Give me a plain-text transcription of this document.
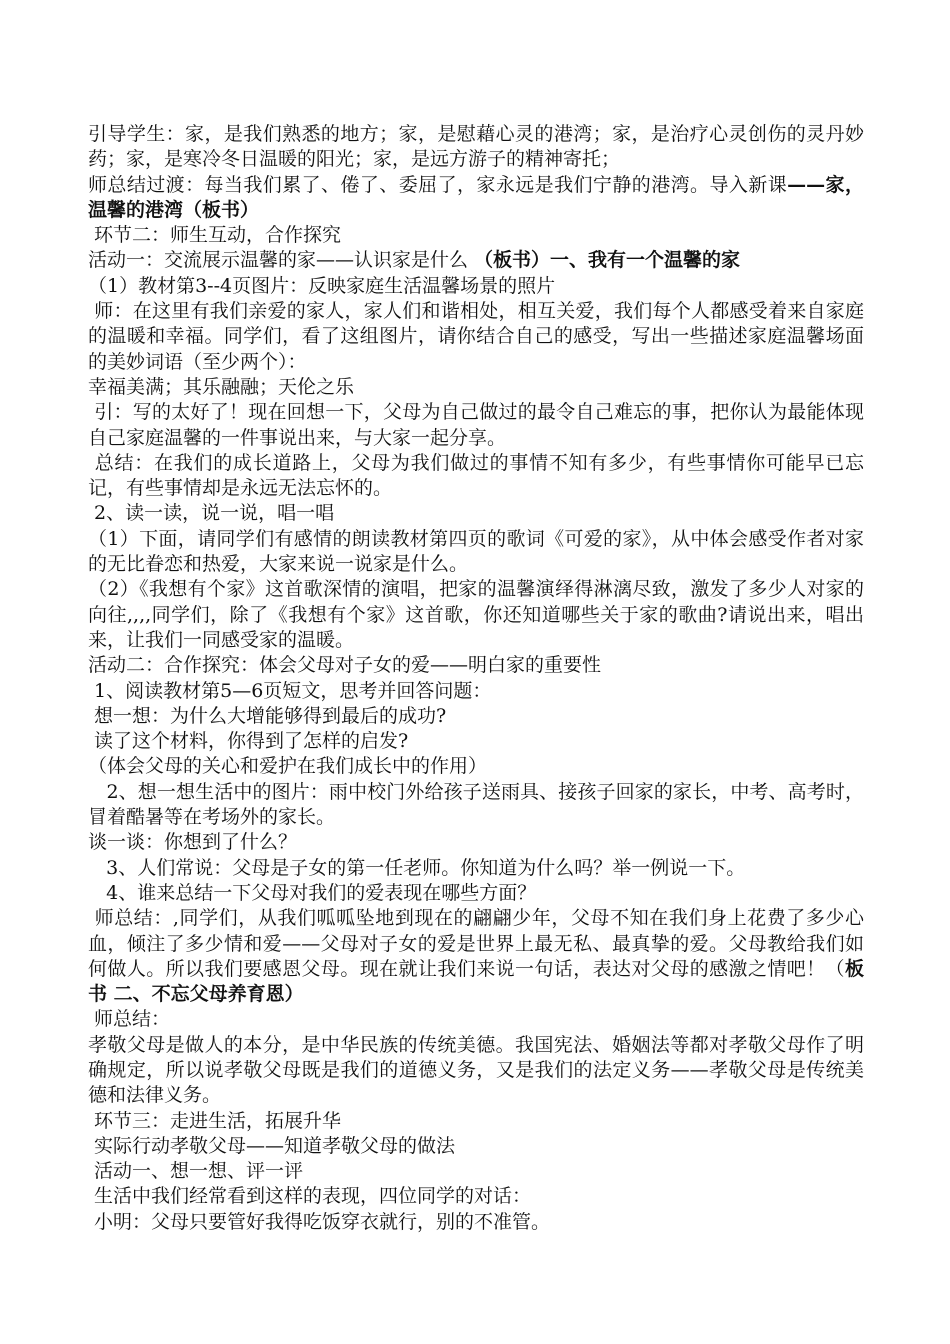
引导学生：家，是我们熟悉的地方；家，是慰藉心灵的港湾；家，是治疗心灵创伤的灵丹妙药；家，是寒冷冬日温暖的阳光；家，是远方游子的精神寄托；

师总结过渡：每当我们累了、倦了、委屈了，家永远是我们宁静的港湾。导入新课——家，温馨的港湾（板书）

环节二：师生互动，合作探究

活动一：交流展示温馨的家——认识家是什么 （板书）一、我有一个温馨的家

（1）教材第3--4页图片：反映家庭生活温馨场景的照片

师：在这里有我们亲爱的家人，家人们和谐相处，相互关爱，我们每个人都感受着来自家庭的温暖和幸福。同学们，看了这组图片，请你结合自己的感受，写出一些描述家庭温馨场面的美妙词语（至少两个）：

幸福美满；其乐融融；天伦之乐

引：写的太好了！现在回想一下，父母为自己做过的最令自己难忘的事，把你认为最能体现自己家庭温馨的一件事说出来，与大家一起分享。

总结：在我们的成长道路上，父母为我们做过的事情不知有多少，有些事情你可能早已忘记，有些事情却是永远无法忘怀的。

2、读一读，说一说，唱一唱

（1）下面，请同学们有感情的朗读教材第四页的歌词《可爱的家》，从中体会感受作者对家的无比眷恋和热爱，大家来说一说家是什么。

（2）《我想有个家》这首歌深情的演唱，把家的温馨演绎得淋漓尽致，激发了多少人对家的向往,,,,同学们，除了《我想有个家》这首歌，你还知道哪些关于家的歌曲?请说出来，唱出来，让我们一同感受家的温暖。

活动二：合作探究：体会父母对子女的爱——明白家的重要性

1、阅读教材第5—6页短文，思考并回答问题：

想一想：为什么大增能够得到最后的成功?

读了这个材料，你得到了怎样的启发?

（体会父母的关心和爱护在我们成长中的作用）

2、想一想生活中的图片：雨中校门外给孩子送雨具、接孩子回家的家长，中考、高考时，冒着酷暑等在考场外的家长。

谈一谈：你想到了什么？

3、人们常说：父母是子女的第一任老师。你知道为什么吗？举一例说一下。

4、谁来总结一下父母对我们的爱表现在哪些方面？

师总结：,同学们，从我们呱呱坠地到现在的翩翩少年，父母不知在我们身上花费了多少心血，倾注了多少情和爱——父母对子女的爱是世界上最无私、最真挚的爱。父母教给我们如何做人。所以我们要感恩父母。现在就让我们来说一句话，表达对父母的感激之情吧！（板书 二、不忘父母养育恩）

师总结：

孝敬父母是做人的本分，是中华民族的传统美德。我国宪法、婚姻法等都对孝敬父母作了明确规定，所以说孝敬父母既是我们的道德义务，又是我们的法定义务——孝敬父母是传统美德和法律义务。

环节三：走进生活，拓展升华

实际行动孝敬父母——知道孝敬父母的做法

活动一、想一想、评一评

生活中我们经常看到这样的表现，四位同学的对话：

小明：父母只要管好我得吃饭穿衣就行，别的不准管。
